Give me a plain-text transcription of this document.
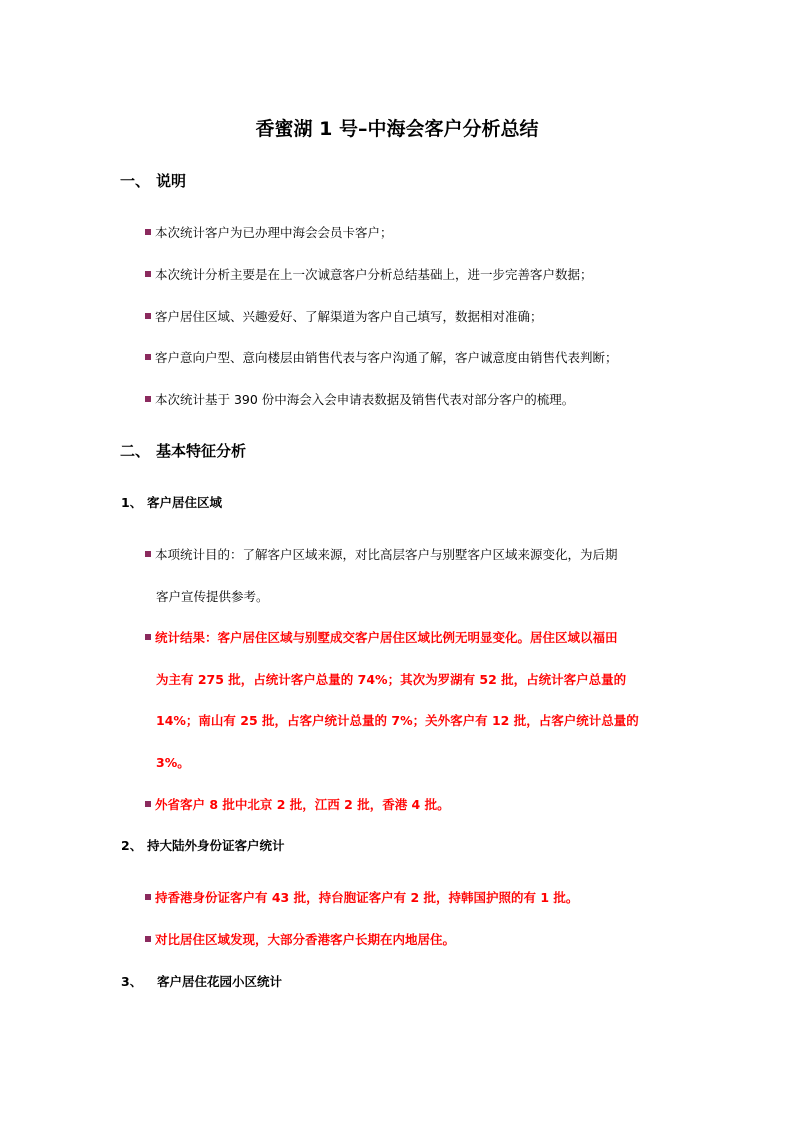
香蜜湖 1 号–中海会客户分析总结
一、 说明
本次统计客户为已办理中海会会员卡客户；
本次统计分析主要是在上一次诚意客户分析总结基础上，进一步完善客户数据；
客户居住区域、兴趣爱好、了解渠道为客户自己填写，数据相对准确；
客户意向户型、意向楼层由销售代表与客户沟通了解，客户诚意度由销售代表判断；
本次统计基于 390 份中海会入会申请表数据及销售代表对部分客户的梳理。
二、 基本特征分析
1、 客户居住区域
本项统计目的：了解客户区域来源，对比高层客户与别墅客户区域来源变化，为后期
客户宣传提供参考。
统计结果：客户居住区域与别墅成交客户居住区域比例无明显变化。居住区域以福田
为主有 275 批，占统计客户总量的 74%；其次为罗湖有 52 批，占统计客户总量的
14%；南山有 25 批，占客户统计总量的 7%；关外客户有 12 批，占客户统计总量的
3%。
外省客户 8 批中北京 2 批，江西 2 批，香港 4 批。
2、 持大陆外身份证客户统计
持香港身份证客户有 43 批，持台胞证客户有 2 批，持韩国护照的有 1 批。
对比居住区域发现，大部分香港客户长期在内地居住。
3、 客户居住花园小区统计
